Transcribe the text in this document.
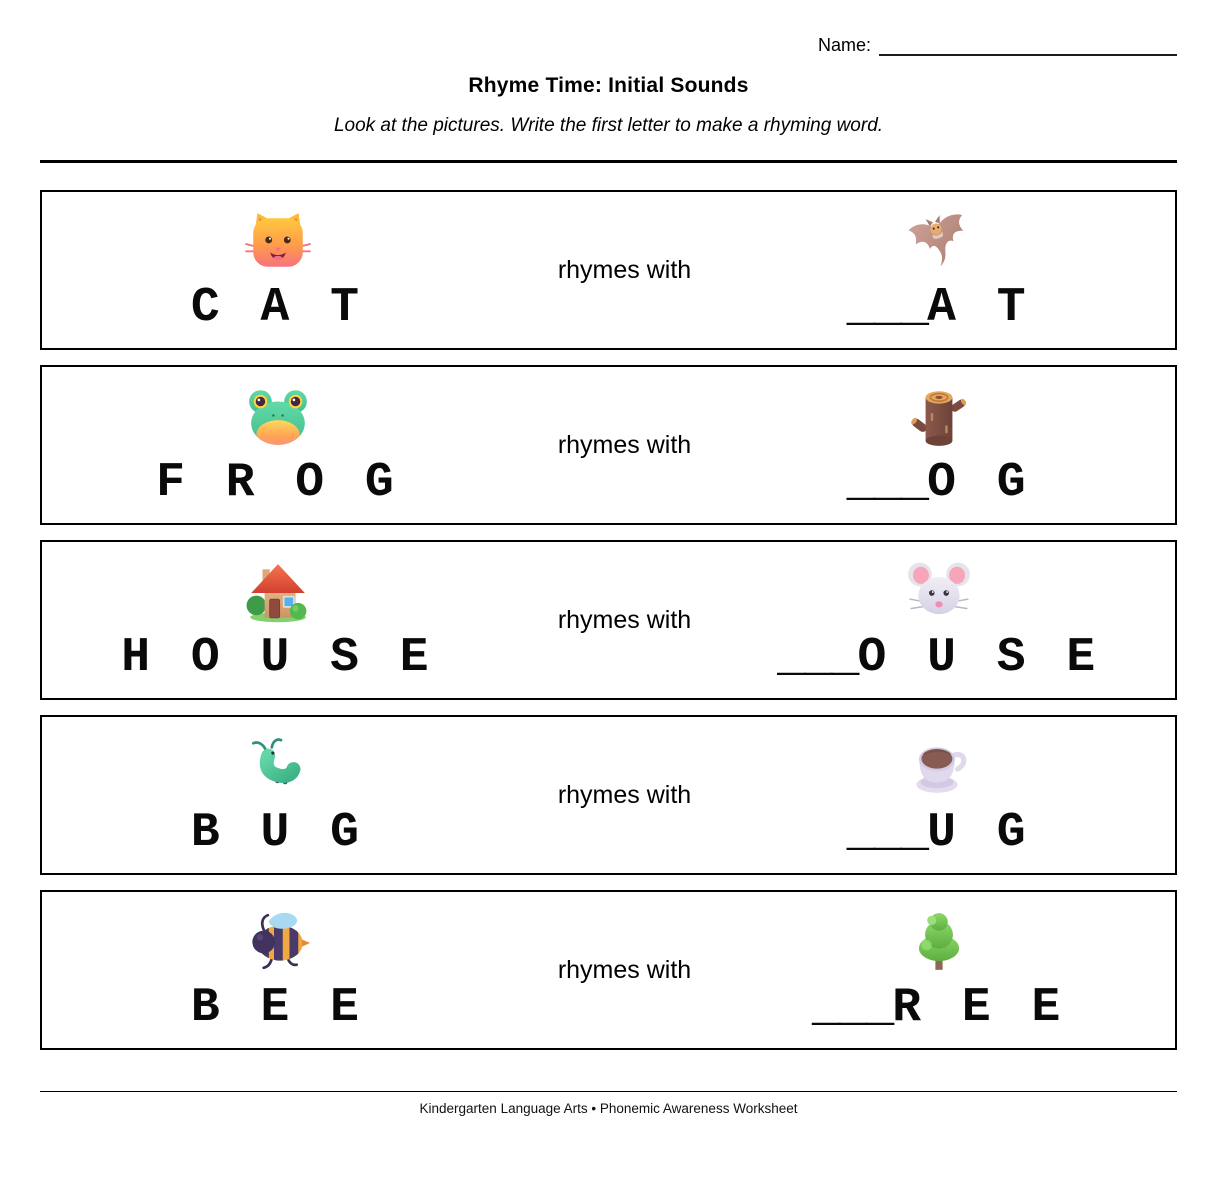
Name:
Rhyme Time: Initial Sounds

Look at the pictures. Write the first letter to make a rhyming word.

C A T
rhymes with
___A T
F R O G
rhymes with
___O G
H O U S E
rhymes with
___O U S E
B U G
rhymes with
___U G
B E E
rhymes with
___R E E

Kindergarten Language Arts • Phonemic Awareness Worksheet
